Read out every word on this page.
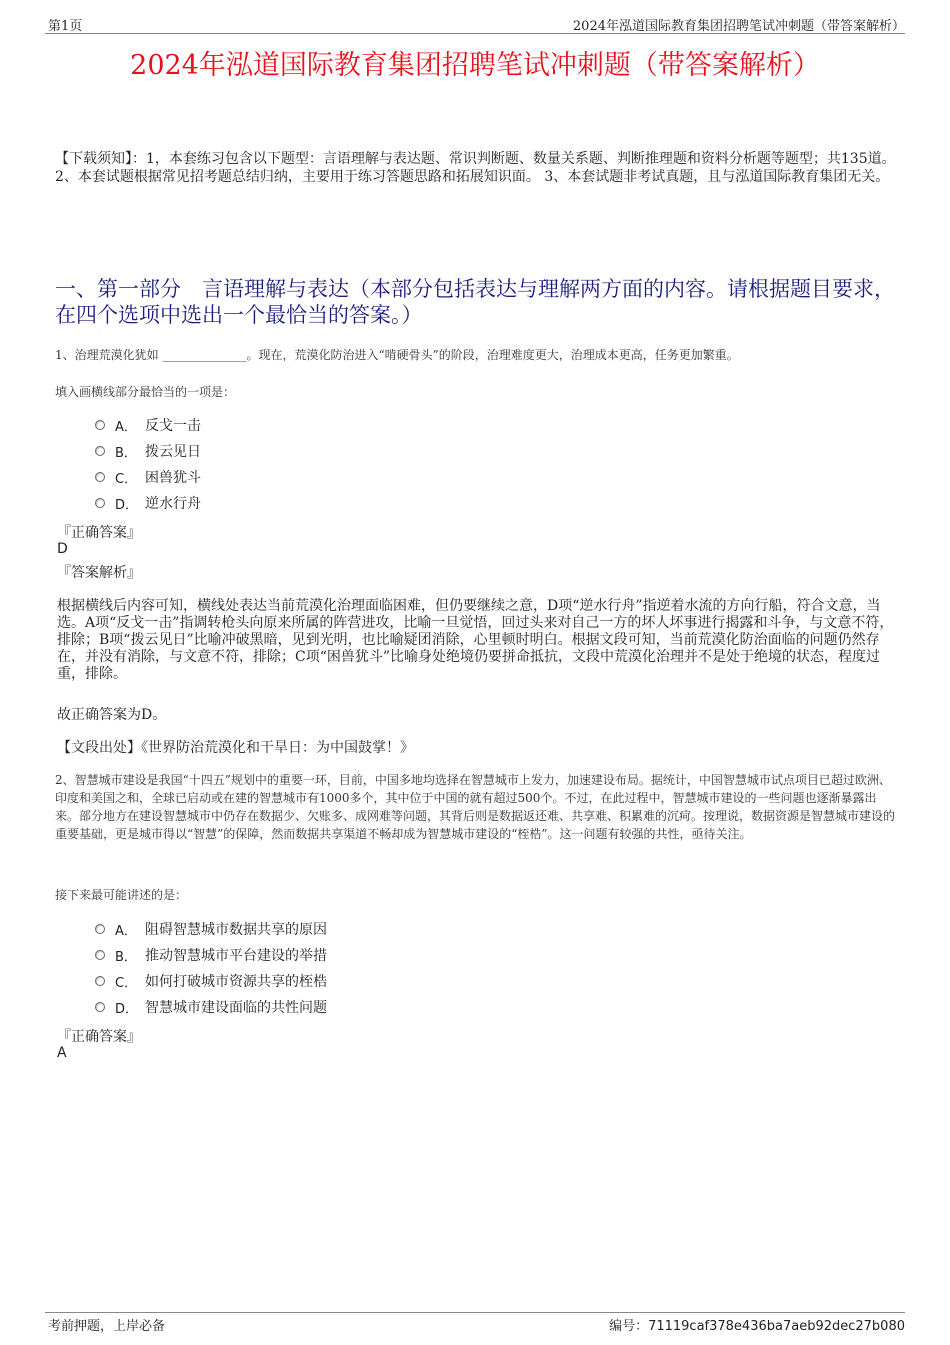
第1页	2024年泓道国际教育集团招聘笔试冲刺题（带答案解析）
2024年泓道国际教育集团招聘笔试冲刺题（带答案解析）
【下载须知】：1，本套练习包含以下题型：言语理解与表达题、常识判断题、数量关系题、判断推理题和资料分析题等题型；共135道。 2、本套试题根据常见招考题总结归纳，主要用于练习答题思路和拓展知识面。 3、本套试题非考试真题，且与泓道国际教育集团无关。
一、第一部分　言语理解与表达（本部分包括表达与理解两方面的内容。请根据题目要求，在四个选项中选出一个最恰当的答案。）
1、治理荒漠化犹如 ______________。现在，荒漠化防治进入“啃硬骨头”的阶段，治理难度更大，治理成本更高，任务更加繁重。
填入画横线部分最恰当的一项是：
A． 反戈一击
B． 拨云见日
C． 困兽犹斗
D． 逆水行舟
『正确答案』
D
『答案解析』
根据横线后内容可知，横线处表达当前荒漠化治理面临困难，但仍要继续之意，D项“逆水行舟”指逆着水流的方向行船，符合文意，当选。A项“反戈一击”指调转枪头向原来所属的阵营进攻，比喻一旦觉悟，回过头来对自己一方的坏人坏事进行揭露和斗争，与文意不符，排除；B项“拨云见日”比喻冲破黑暗，见到光明，也比喻疑团消除，心里顿时明白。根据文段可知，当前荒漠化防治面临的问题仍然存在，并没有消除，与文意不符，排除；C项“困兽犹斗”比喻身处绝境仍要拼命抵抗，文段中荒漠化治理并不是处于绝境的状态，程度过重，排除。
故正确答案为D。
【文段出处】《世界防治荒漠化和干旱日：为中国鼓掌！》
2、智慧城市建设是我国“十四五”规划中的重要一环，目前，中国多地均选择在智慧城市上发力，加速建设布局。据统计，中国智慧城市试点项目已超过欧洲、印度和美国之和，全球已启动或在建的智慧城市有1000多个，其中位于中国的就有超过500个。不过，在此过程中，智慧城市建设的一些问题也逐渐暴露出来。部分地方在建设智慧城市中仍存在数据少、欠账多、成网难等问题，其背后则是数据返还难、共享难、积累难的沉疴。按理说，数据资源是智慧城市建设的重要基础，更是城市得以“智慧”的保障，然而数据共享渠道不畅却成为智慧城市建设的“桎梏”。这一问题有较强的共性，亟待关注。
接下来最可能讲述的是：
A． 阻碍智慧城市数据共享的原因
B． 推动智慧城市平台建设的举措
C． 如何打破城市资源共享的桎梏
D． 智慧城市建设面临的共性问题
『正确答案』
A
考前押题，上岸必备	编号：71119caf378e436ba7aeb92dec27b080
